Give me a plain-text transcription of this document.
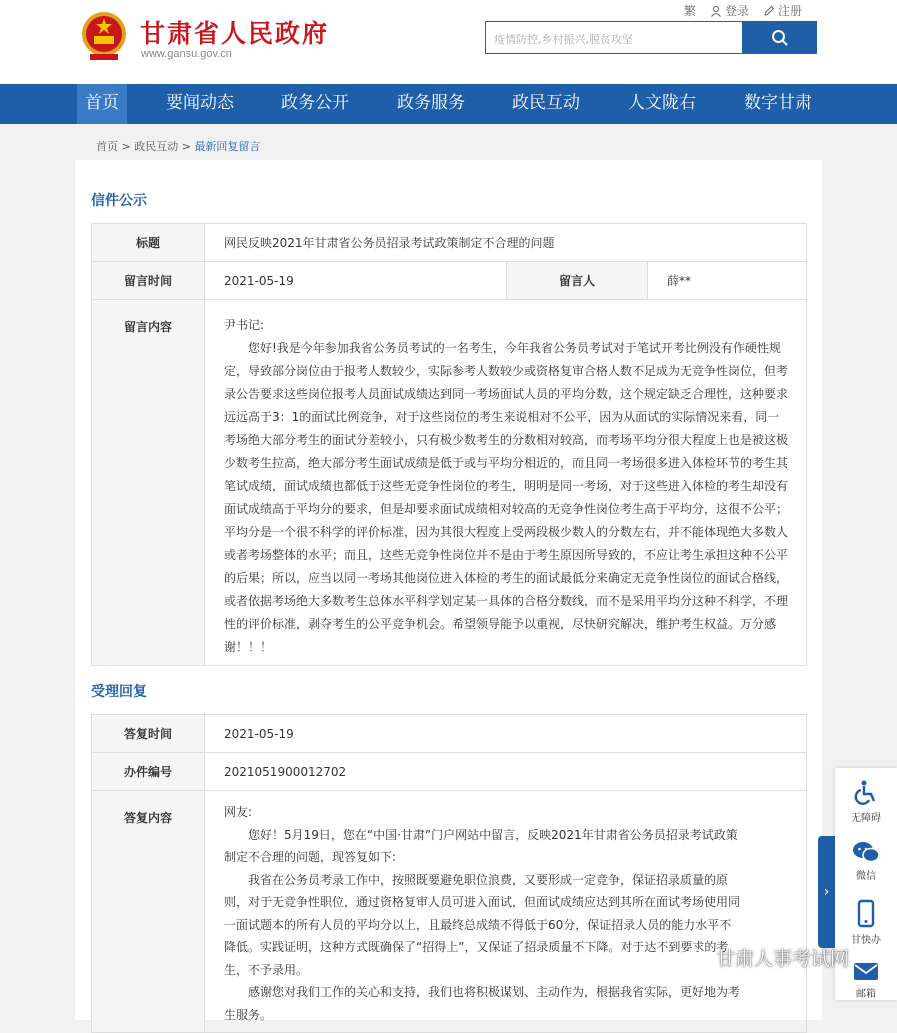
甘肃省人民政府
www.gansu.gov.cn
繁 登录 注册
疫情防控,乡村振兴,脱贫攻坚
首页	要闻动态	政务公开	政务服务	政民互动	人文陇右	数字甘肃
首页 > 政民互动 > 最新回复留言
信件公示
标题	网民反映2021年甘肃省公务员招录考试政策制定不合理的问题		
留言时间	2021-05-19	留言人	薛**
留言内容	尹书记:

您好!我是今年参加我省公务员考试的一名考生，今年我省公务员考试对于笔试开考比例没有作硬性规定，导致部分岗位由于报考人数较少，实际参考人数较少或资格复审合格人数不足成为无竞争性岗位，但考录公告要求这些岗位报考人员面试成绩达到同一考场面试人员的平均分数，这个规定缺乏合理性，这种要求远远高于3：1的面试比例竞争，对于这些岗位的考生来说相对不公平，因为从面试的实际情况来看，同一考场绝大部分考生的面试分差较小，只有极少数考生的分数相对较高，而考场平均分很大程度上也是被这极少数考生拉高，绝大部分考生面试成绩是低于或与平均分相近的，而且同一考场很多进入体检环节的考生其笔试成绩，面试成绩也都低于这些无竞争性岗位的考生，明明是同一考场，对于这些进入体检的考生却没有面试成绩高于平均分的要求，但是却要求面试成绩相对较高的无竞争性岗位考生高于平均分，这很不公平；平均分是一个很不科学的评价标准，因为其很大程度上受两段极少数人的分数左右，并不能体现绝大多数人或者考场整体的水平；而且，这些无竞争性岗位并不是由于考生原因所导致的，不应让考生承担这种不公平的后果；所以，应当以同一考场其他岗位进入体检的考生的面试最低分来确定无竞争性岗位的面试合格线，或者依据考场绝大多数考生总体水平科学划定某一具体的合格分数线，而不是采用平均分这种不科学，不理性的评价标准，剥夺考生的公平竞争机会。希望领导能予以重视，尽快研究解决，维护考生权益。万分感谢！！！		

受理回复
答复时间	2021-05-19
办件编号	2021051900012702
答复内容	网友:

您好！5月19日，您在“中国·甘肃”门户网站中留言，反映2021年甘肃省公务员招录考试政策制定不合理的问题，现答复如下:

我省在公务员考录工作中，按照既要避免职位浪费，又要形成一定竞争，保证招录质量的原则，对于无竞争性职位，通过资格复审人员可进入面试，但面试成绩应达到其所在面试考场使用同一面试题本的所有人员的平均分以上，且最终总成绩不得低于60分，保证招录人员的能力水平不降低。实践证明，这种方式既确保了“招得上”，又保证了招录质量不下降。对于达不到要求的考生，不予录用。

感谢您对我们工作的关心和支持，我们也将积极谋划、主动作为，根据我省实际，更好地为考生服务。

›
无障碍
微信
甘快办
邮箱
甘肃人事考试网
